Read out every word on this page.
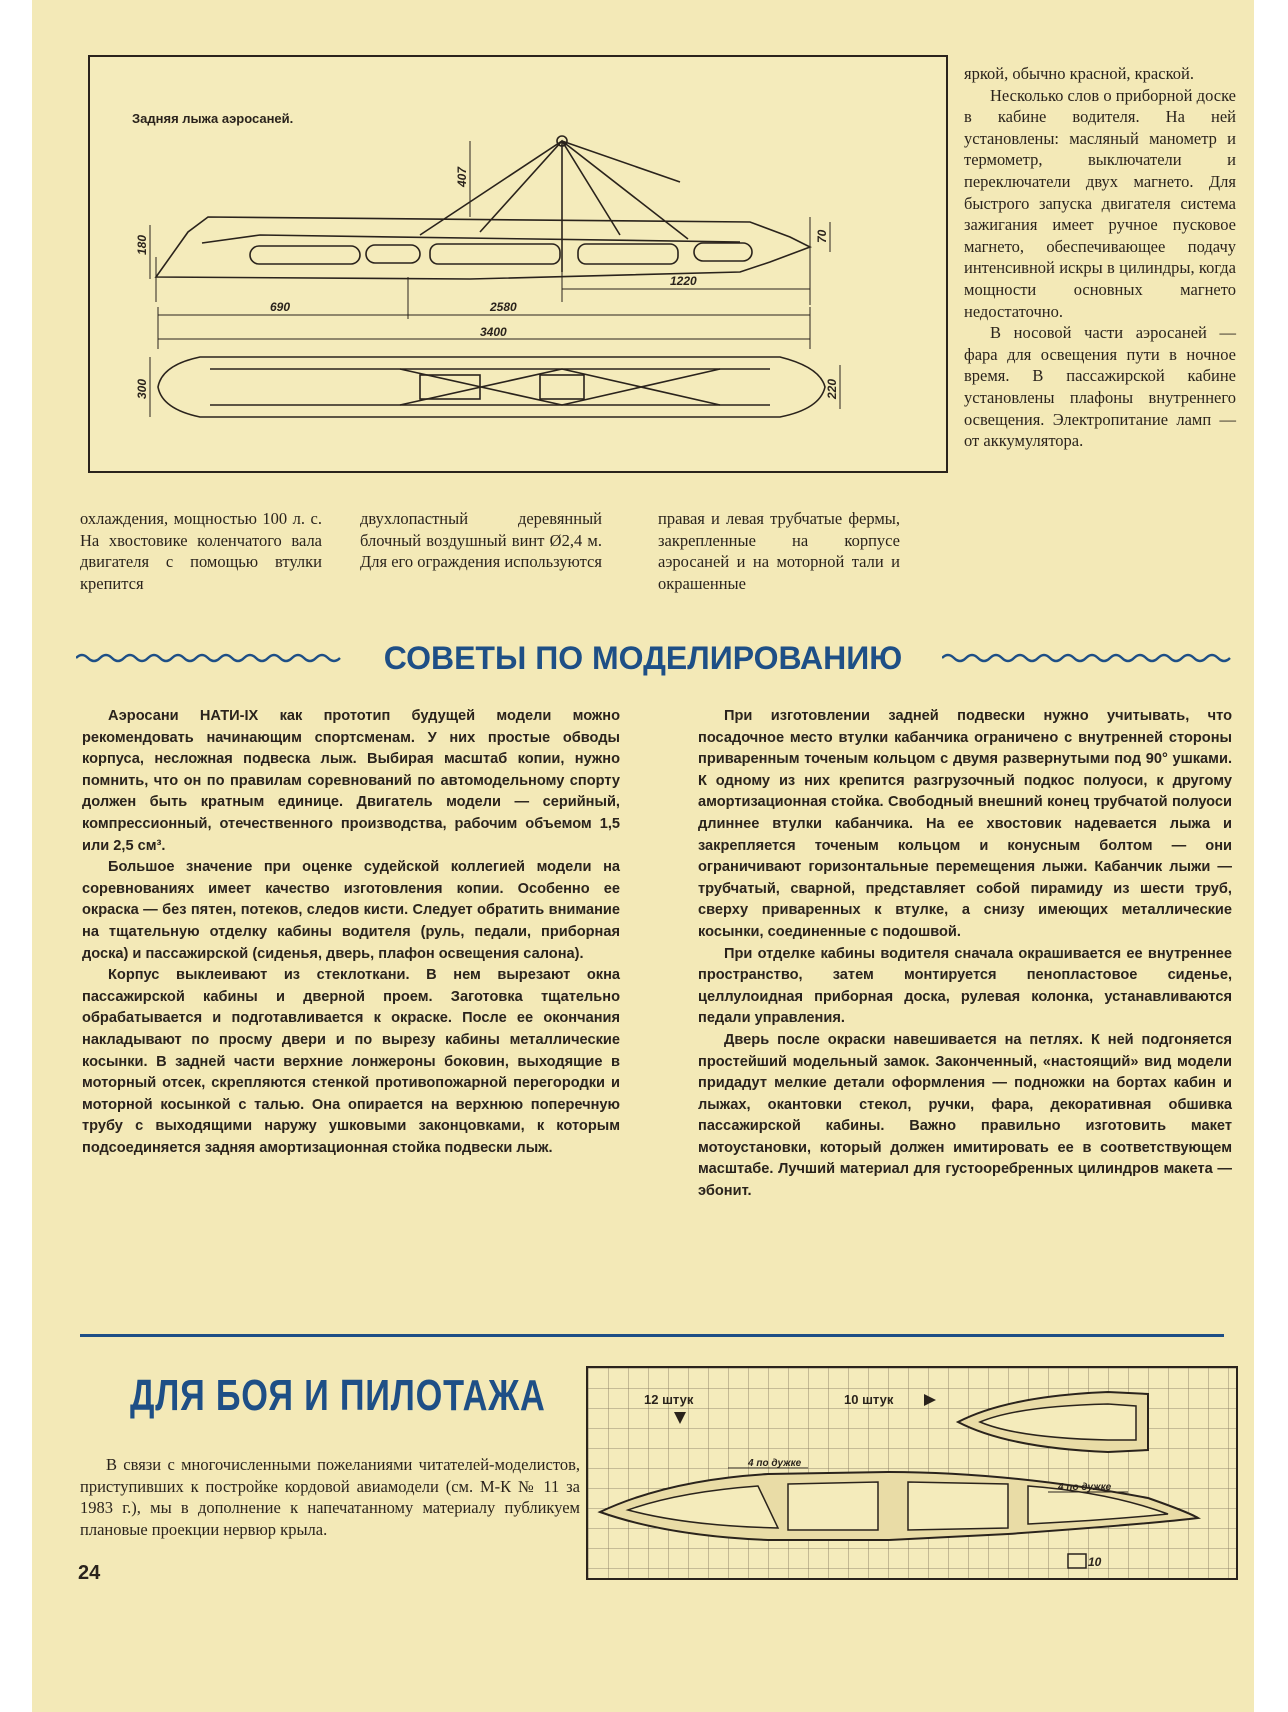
Задняя лыжа аэросаней.
180
407
70
1220
690	2580
3400
300	220

яркой, обычно красной, краской.

Несколько слов о приборной доске в кабине водителя. На ней установлены: масляный манометр и термометр, выключатели и переключатели двух магнето. Для быстрого запуска двигателя система зажигания имеет ручное пусковое магнето, обеспечивающее подачу интенсивной искры в цилиндры, когда мощности основных магнето недостаточно.

В носовой части аэросаней — фара для освещения пути в ночное время. В пассажирской кабине установлены плафоны внутреннего освещения. Электропитание ламп — от аккумулятора.

охлаждения, мощностью 100 л. с. На хвостовике коленчатого вала двигателя с помощью втулки крепится

двухлопастный деревянный блочный воздушный винт Ø2,4 м. Для его ограждения используются

правая и левая трубчатые фермы, закрепленные на корпусе аэросаней и на моторной тали и окрашенные

СОВЕТЫ ПО МОДЕЛИРОВАНИЮ

Аэросани НАТИ-IX как прототип будущей модели можно рекомендовать начинающим спортсменам. У них простые обводы корпуса, несложная подвеска лыж. Выбирая масштаб копии, нужно помнить, что он по правилам соревнований по автомодельному спорту должен быть кратным единице. Двигатель модели — серийный, компрессионный, отечественного производства, рабочим объемом 1,5 или 2,5 см³.

Большое значение при оценке судейской коллегией модели на соревнованиях имеет качество изготовления копии. Особенно ее окраска — без пятен, потеков, следов кисти. Следует обратить внимание на тщательную отделку кабины водителя (руль, педали, приборная доска) и пассажирской (сиденья, дверь, плафон освещения салона).

Корпус выклеивают из стеклоткани. В нем вырезают окна пассажирской кабины и дверной проем. Заготовка тщательно обрабатывается и подготавливается к окраске. После ее окончания накладывают по просму двери и по вырезу кабины металлические косынки. В задней части верхние лонжероны боковин, выходящие в моторный отсек, скрепляются стенкой противопожарной перегородки и моторной косынкой с талью. Она опирается на верхнюю поперечную трубу с выходящими наружу ушковыми законцовками, к которым подсоединяется задняя амортизационная стойка подвески лыж.

При изготовлении задней подвески нужно учитывать, что посадочное место втулки кабанчика ограничено с внутренней стороны приваренным точеным кольцом с двумя развернутыми под 90° ушками. К одному из них крепится разгрузочный подкос полуоси, к другому амортизационная стойка. Свободный внешний конец трубчатой полуоси длиннее втулки кабанчика. На ее хвостовик надевается лыжа и закрепляется точеным кольцом и конусным болтом — они ограничивают горизонтальные перемещения лыжи. Кабанчик лыжи — трубчатый, сварной, представляет собой пирамиду из шести труб, сверху приваренных к втулке, а снизу имеющих металлические косынки, соединенные с подошвой.

При отделке кабины водителя сначала окрашивается ее внутреннее пространство, затем монтируется пенопластовое сиденье, целлулоидная приборная доска, рулевая колонка, устанавливаются педали управления.

Дверь после окраски навешивается на петлях. К ней подгоняется простейший модельный замок. Законченный, «настоящий» вид модели придадут мелкие детали оформления — подножки на бортах кабин и лыжах, окантовки стекол, ручки, фара, декоративная обшивка пассажирской кабины. Важно правильно изготовить макет мотоустановки, который должен имитировать ее в соответствующем масштабе. Лучший материал для густооребренных цилиндров макета — эбонит.

ДЛЯ БОЯ И ПИЛОТАЖА

В связи с многочисленными пожеланиями читателей-моделистов, приступивших к постройке кордовой авиамодели (см. М-К № 11 за 1983 г.), мы в дополнение к напечатанному материалу публикуем плановые проекции нервюр крыла.

24
12 штук	10 штук
4 по дужке
4 по дужке
10
